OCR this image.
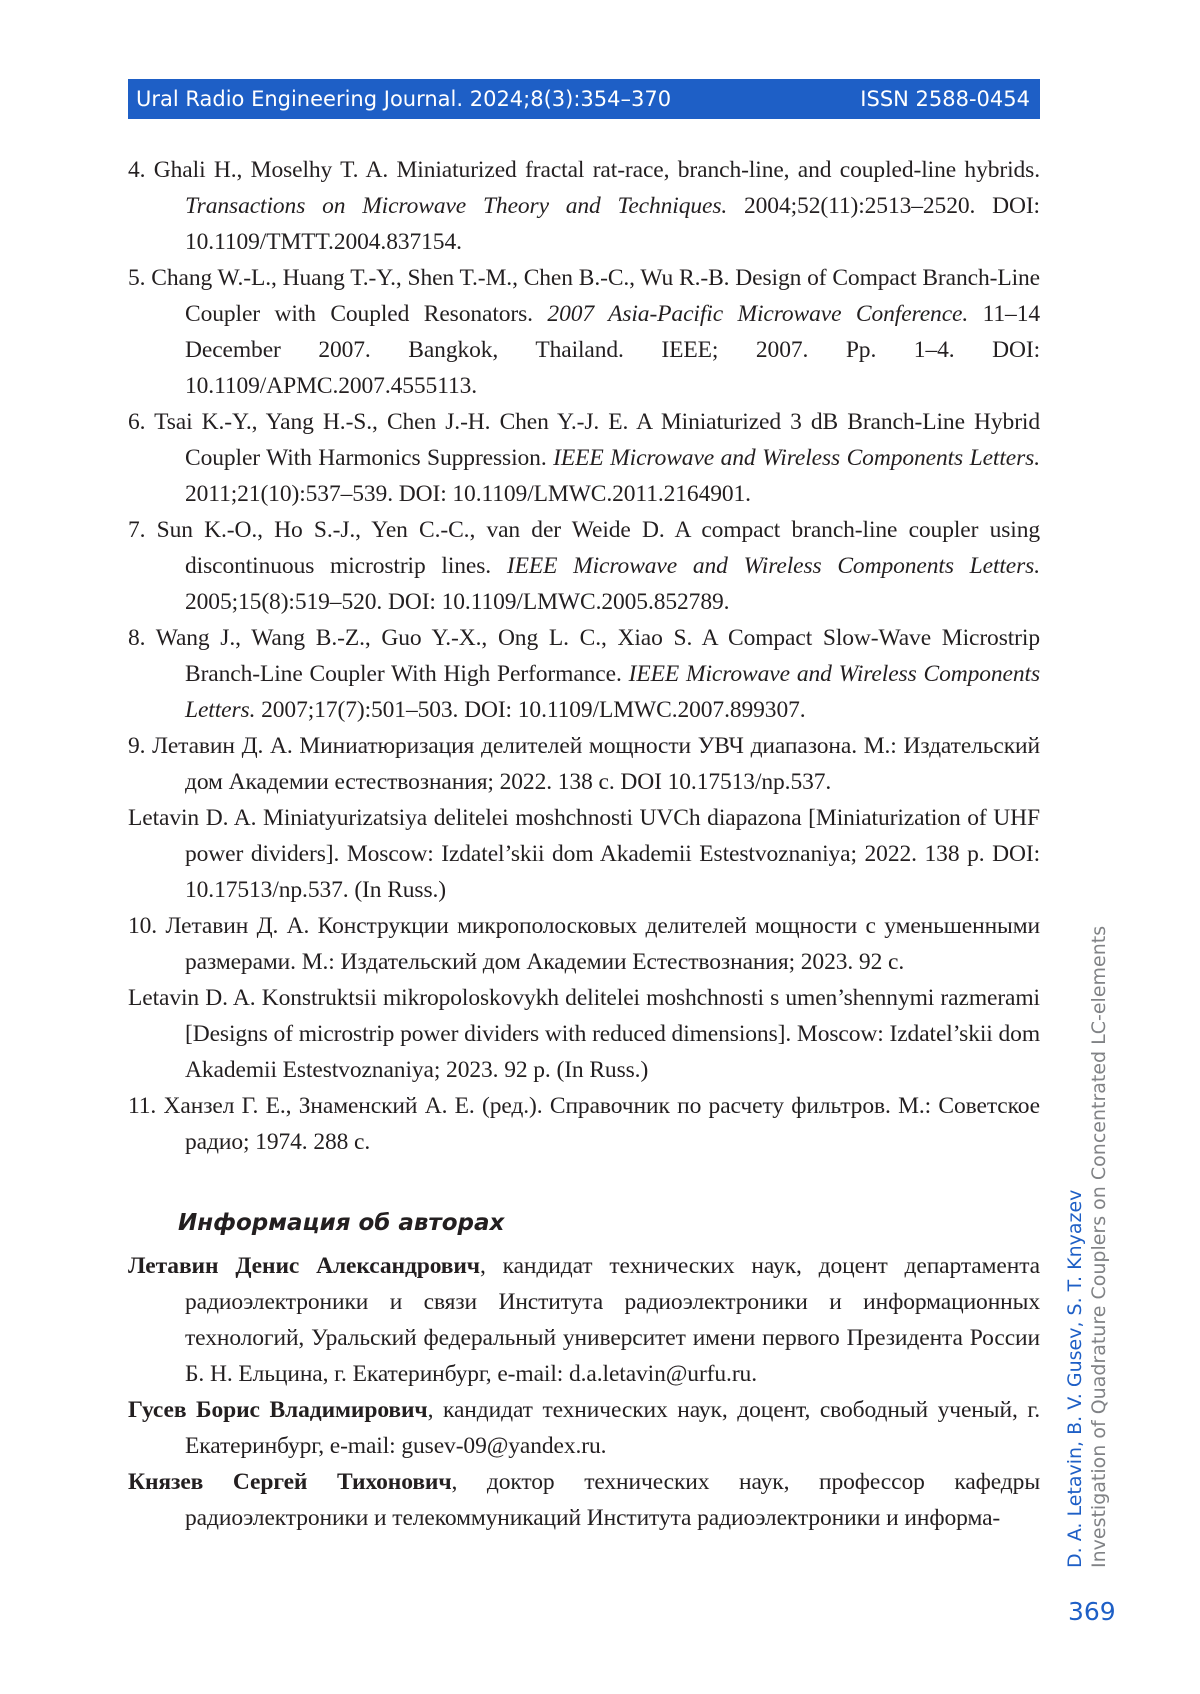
Ural Radio Engineering Journal. 2024;8(3):354–370	ISSN 2588-0454
4. Ghali H., Moselhy T. A. Miniaturized fractal rat-race, branch-line, and coupled-line hybrids. Transactions on Microwave Theory and Techniques. 2004;52(11):2513–2520. DOI: 10.1109/TMTT.2004.837154.
5. Chang W.-L., Huang T.-Y., Shen T.-M., Chen B.-C., Wu R.-B. Design of Compact Branch-Line Coupler with Coupled Resonators. 2007 Asia-Pacific Microwave Conference. 11–14 December 2007. Bangkok, Thailand. IEEE; 2007. Pp. 1–4. DOI: 10.1109/APMC.2007.4555113.
6. Tsai K.-Y., Yang H.-S., Chen J.-H. Chen Y.-J. E. A Miniaturized 3 dB Branch-Line Hybrid Coupler With Harmonics Suppression. IEEE Microwave and Wireless Components Letters. 2011;21(10):537–539. DOI: 10.1109/LMWC.2011.2164901.
7. Sun K.-O., Ho S.-J., Yen C.-C., van der Weide D. A compact branch-line coupler using discontinuous microstrip lines. IEEE Microwave and Wireless Components Letters. 2005;15(8):519–520. DOI: 10.1109/LMWC.2005.852789.
8. Wang J., Wang B.-Z., Guo Y.-X., Ong L. C., Xiao S. A Compact Slow-Wave Microstrip Branch-Line Coupler With High Performance. IEEE Microwave and Wireless Components Letters. 2007;17(7):501–503. DOI: 10.1109/LMWC.2007.899307.
9. Летавин Д. А. Миниатюризация делителей мощности УВЧ диапазона. М.: Издательский дом Академии естествознания; 2022. 138 с. DOI 10.17513/np.537.
Letavin D. A. Miniatyurizatsiya delitelei moshchnosti UVCh diapazona [Miniaturization of UHF power dividers]. Moscow: Izdatel’skii dom Akademii Estestvoznaniya; 2022. 138 p. DOI: 10.17513/np.537. (In Russ.)
10. Летавин Д. А. Конструкции микрополосковых делителей мощности с уменьшенными размерами. М.: Издательский дом Академии Естествознания; 2023. 92 с.
Letavin D. A. Konstruktsii mikropoloskovykh delitelei moshchnosti s umen’shennymi razmerami [Designs of microstrip power dividers with reduced dimensions]. Moscow: Izdatel’skii dom Akademii Estestvoznaniya; 2023. 92 p. (In Russ.)
11. Ханзел Г. Е., Знаменский А. Е. (ред.). Справочник по расчету фильтров. М.: Советское радио; 1974. 288 с.
Информация об авторах
Летавин Денис Александрович, кандидат технических наук, доцент департамента радиоэлектроники и связи Института радиоэлектроники и информационных технологий, Уральский федеральный университет имени первого Президента России Б. Н. Ельцина, г. Екатеринбург, e-mail: d.a.letavin@urfu.ru.
Гусев Борис Владимирович, кандидат технических наук, доцент, свободный ученый, г. Екатеринбург, e-mail: gusev-09@yandex.ru.
Князев Сергей Тихонович, доктор технических наук, профессор кафедры радиоэлектроники и телекоммуникаций Института радиоэлектроники и информа-	D. A. Letavin, B. V. Gusev, S. T. Knyazev Investigation of Quadrature Couplers on Concentrated LC-elements
369
